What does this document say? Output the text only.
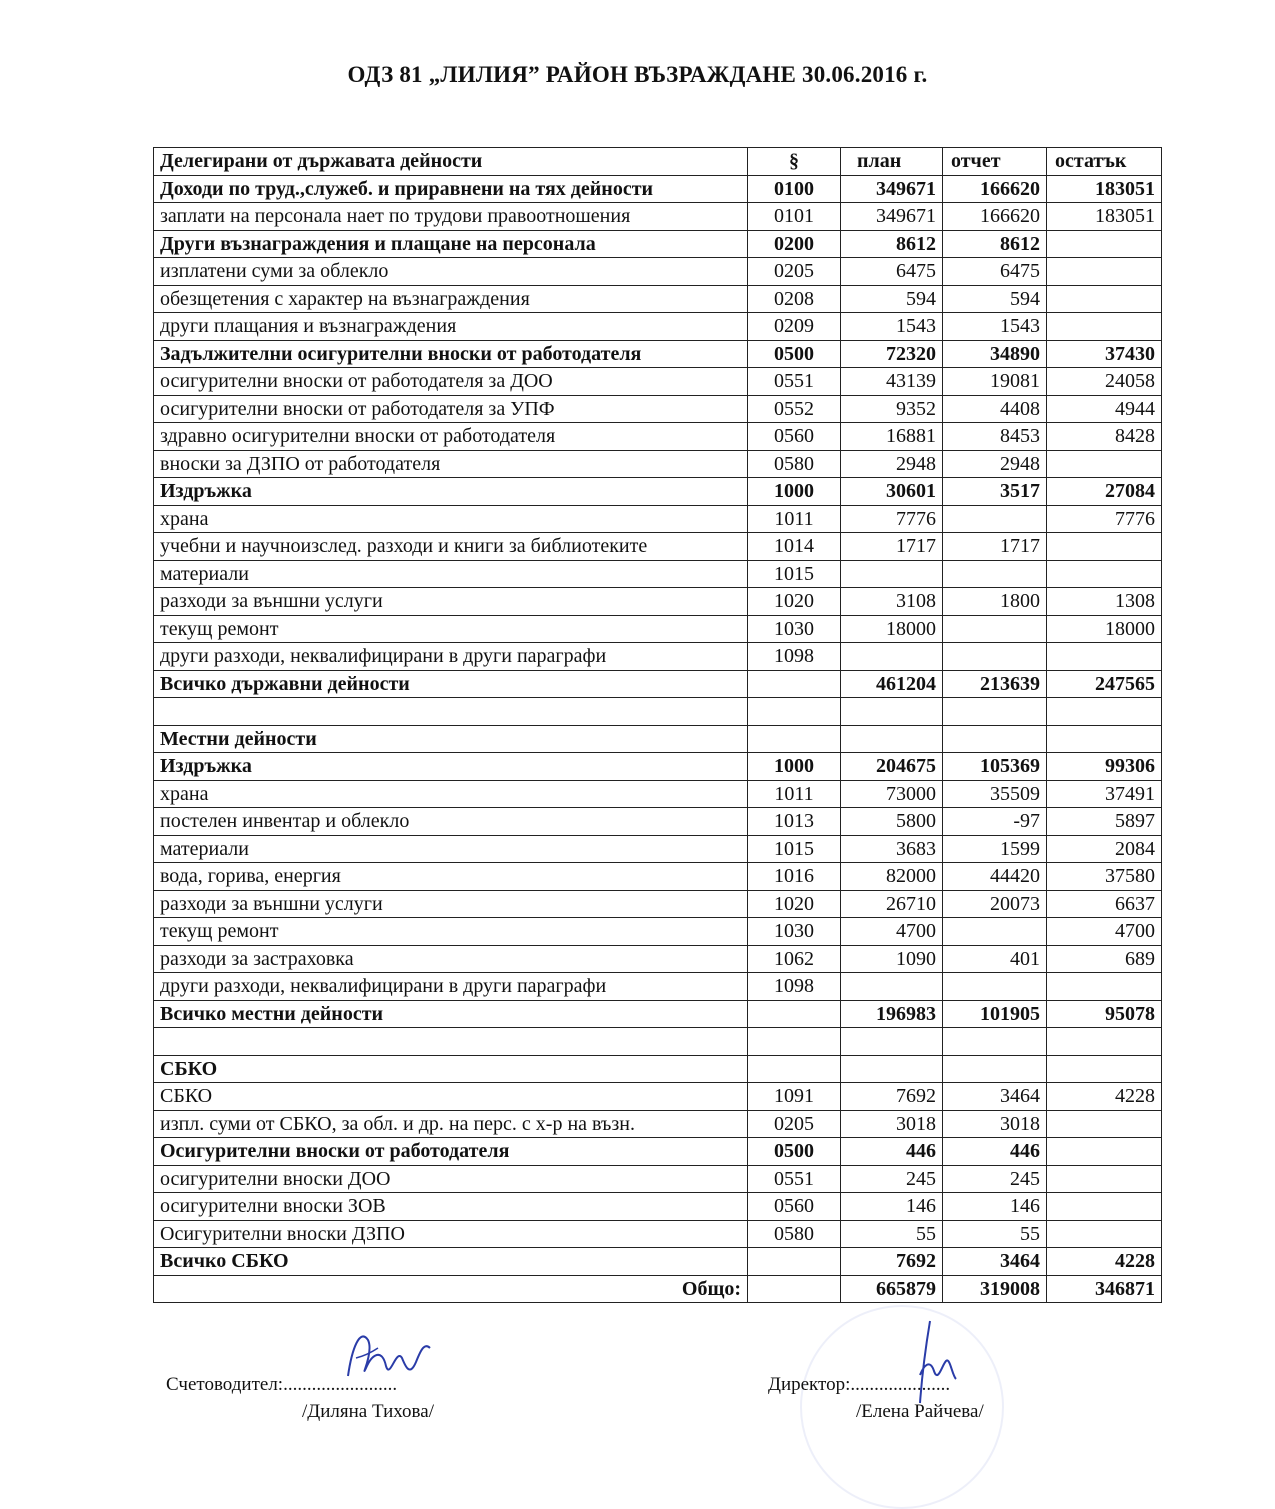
ОДЗ 81 „ЛИЛИЯ” РАЙОН ВЪЗРАЖДАНЕ 30.06.2016 г.
Делегирани от държавата дейности	§	план	отчет	остатък
Доходи по труд.,служеб. и приравнени на тях дейности	0100	349671	166620	183051
заплати на персонала нает по трудови правоотношения	0101	349671	166620	183051
Други възнаграждения и плащане на персонала	0200	8612	8612	
изплатени суми за облекло	0205	6475	6475	
обезщетения с характер на възнаграждения	0208	594	594	
други плащания и възнаграждения	0209	1543	1543	
Задължителни осигурителни вноски от работодателя	0500	72320	34890	37430
осигурителни вноски от работодателя за ДОО	0551	43139	19081	24058
осигурителни вноски от работодателя за УПФ	0552	9352	4408	4944
здравно осигурителни вноски от работодателя	0560	16881	8453	8428
вноски за ДЗПО от работодателя	0580	2948	2948	
Издръжка	1000	30601	3517	27084
храна	1011	7776		7776
учебни и научноизслед. разходи и книги за библиотеките	1014	1717	1717	
материали	1015			
разходи за външни услуги	1020	3108	1800	1308
текущ ремонт	1030	18000		18000
други разходи, неквалифицирани в други параграфи	1098			
Всичко държавни дейности		461204	213639	247565

Местни дейности				
Издръжка	1000	204675	105369	99306
храна	1011	73000	35509	37491
постелен инвентар и облекло	1013	5800	-97	5897
материали	1015	3683	1599	2084
вода, горива, енергия	1016	82000	44420	37580
разходи за външни услуги	1020	26710	20073	6637
текущ ремонт	1030	4700		4700
разходи за застраховка	1062	1090	401	689
други разходи, неквалифицирани в други параграфи	1098			
Всичко местни дейности		196983	101905	95078

СБКО				
СБКО	1091	7692	3464	4228
изпл. суми от СБКО, за обл. и др. на перс. с х-р на възн.	0205	3018	3018	
Осигурителни вноски от работодателя	0500	446	446	
осигурителни вноски ДОО	0551	245	245	
осигурителни вноски ЗОВ	0560	146	146	
Осигурителни вноски ДЗПО	0580	55	55	
Всичко СБКО		7692	3464	4228
Общо:		665879	319008	346871
Счетоводител:........................
/Диляна Тихова/
Директор:.....................
/Елена Райчева/
